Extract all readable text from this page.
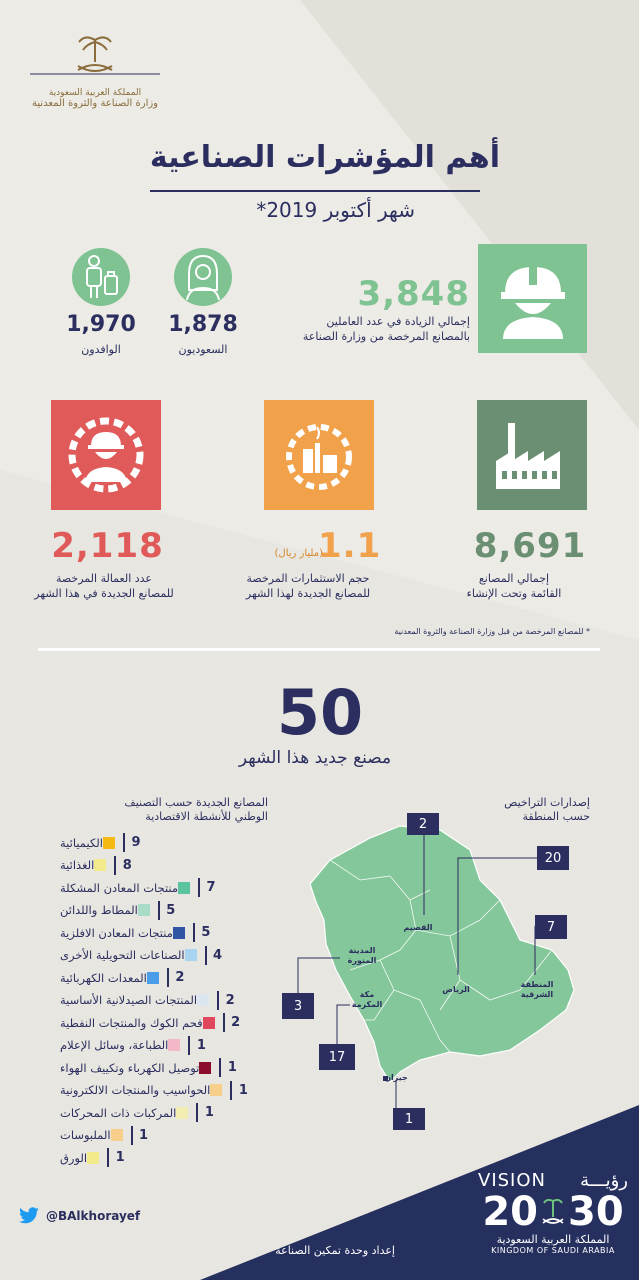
المملكة العربية السعودية
وزارة الصناعة والثروة المعدنية
أهم المؤشرات الصناعية
شهر أكتوبر 2019*
3,848
إجمالي الزيادة في عدد العاملين
بالمصانع المرخصة من وزارة الصناعة
1,878
السعوديون
1,970
الوافدون
8,691
إجمالي المصانع
القائمة وتحت الإنشاء
1.1
(مليار ريال)
حجم الاستثمارات المرخصة
للمصانع الجديدة لهذا الشهر
2,118
عدد العمالة المرخصة
للمصانع الجديدة في هذا الشهر
* للمصانع المرخصة من قبل وزارة الصناعة والثروة المعدنية
50
مصنع جديد هذا الشهر
المصانع الجديدة حسب التصنيف
الوطني للأنشطة الاقتصادية
9
الكيميائية
8
الغذائية
7
منتجات المعادن المشكلة
5
المطاط واللدائن
5
منتجات المعادن الافلزية
4
الصناعات التحويلية الأخرى
2
المعدات الكهربائية
2
المنتجات الصيدلانية الأساسية
2
فحم الكوك والمنتجات النفطية
1
الطباعة، وسائل الإعلام
1
توصيل الكهرباء وتكييف الهواء
1
الحواسيب والمنتجات الالكترونية
1
المركبات ذات المحركات
1
الملبوسات
1
الورق
إصدارات التراخيص
حسب المنطقة
القصيم
الرياض
المنطقة
الشرقية
المدينة
المنورة
مكة
المكرمة
جيزان
2
20
7
3
17
1
@BAlkhorayef
إعداد وحدة تمكين الصناعة
VISION رؤيـــة
20 30
المملكة العربية السعودية
KINGDOM OF SAUDI ARABIA
